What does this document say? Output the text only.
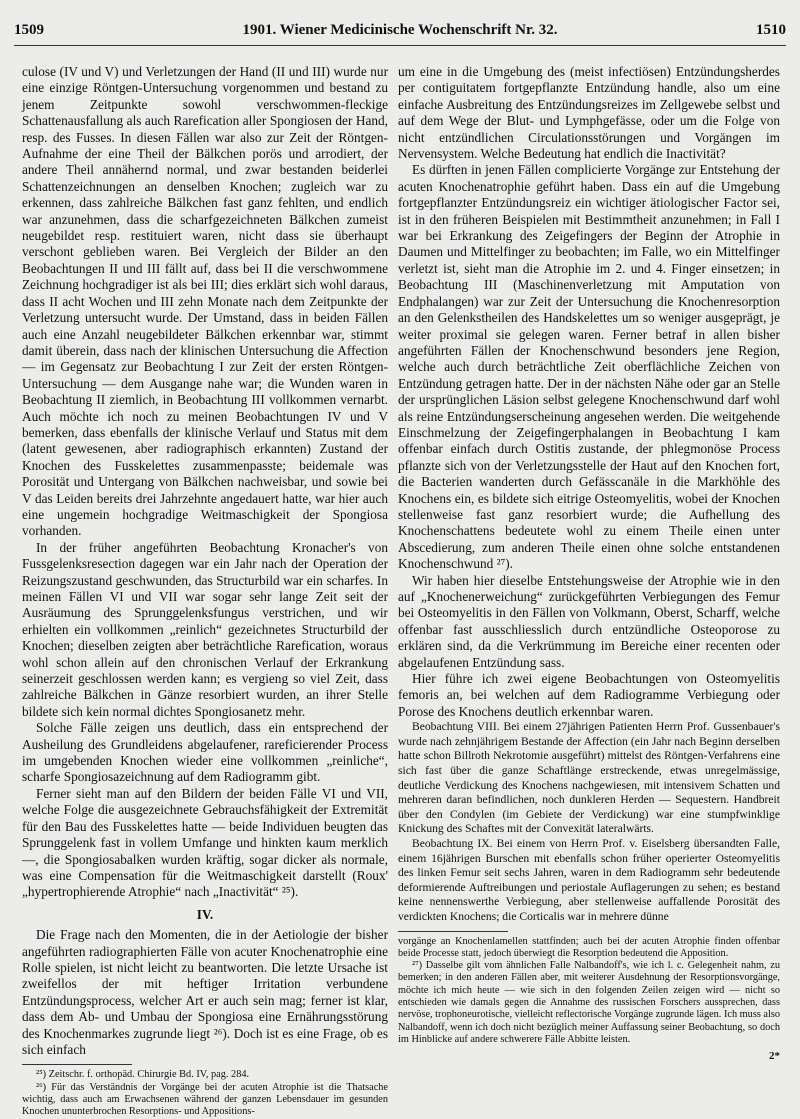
1509	1901. Wiener Medicinische Wochenschrift Nr. 32.	1510

culose (IV und V) und Verletzungen der Hand (II und III) wurde nur eine einzige Röntgen-Untersuchung vorgenommen und bestand zu jenem Zeitpunkte sowohl verschwommen-fleckige Schattenausfallung als auch Rarefication aller Spongiosen der Hand, resp. des Fusses. In diesen Fällen war also zur Zeit der Röntgen-Aufnahme der eine Theil der Bälkchen porös und arrodiert, der andere Theil annähernd normal, und zwar bestanden beiderlei Schattenzeichnungen an denselben Knochen; zugleich war zu erkennen, dass zahlreiche Bälkchen fast ganz fehlten, und endlich war anzunehmen, dass die scharfgezeichneten Bälkchen zumeist neugebildet resp. restituiert waren, nicht dass sie überhaupt verschont geblieben waren. Bei Vergleich der Bilder an den Beobachtungen II und III fällt auf, dass bei II die verschwommene Zeichnung hochgradiger ist als bei III; dies erklärt sich wohl daraus, dass II acht Wochen und III zehn Monate nach dem Zeitpunkte der Verletzung untersucht wurde. Der Umstand, dass in beiden Fällen auch eine Anzahl neugebildeter Bälkchen erkennbar war, stimmt damit überein, dass nach der klinischen Untersuchung die Affection — im Gegensatz zur Beobachtung I zur Zeit der ersten Röntgen-Untersuchung — dem Ausgange nahe war; die Wunden waren in Beobachtung II ziemlich, in Beobachtung III vollkommen vernarbt. Auch möchte ich noch zu meinen Beobachtungen IV und V bemerken, dass ebenfalls der klinische Verlauf und Status mit dem (latent gewesenen, aber radiographisch erkannten) Zustand der Knochen des Fusskelettes zusammenpasste; beidemale was Porosität und Untergang von Bälkchen nachweisbar, und sowie bei V das Leiden bereits drei Jahrzehnte angedauert hatte, war hier auch eine ungemein hochgradige Weitmaschigkeit der Spongiosa vorhanden.

In der früher angeführten Beobachtung Kronacher's von Fussgelenksresection dagegen war ein Jahr nach der Operation der Reizungszustand geschwunden, das Structurbild war ein scharfes. In meinen Fällen VI und VII war sogar sehr lange Zeit seit der Ausräumung des Sprunggelenksfungus verstrichen, und wir erhielten ein vollkommen „reinlich“ gezeichnetes Structurbild der Knochen; dieselben zeigten aber beträchtliche Rarefication, woraus wohl schon allein auf den chronischen Verlauf der Erkrankung seinerzeit geschlossen werden kann; es vergieng so viel Zeit, dass zahlreiche Bälkchen in Gänze resorbiert wurden, an ihrer Stelle bildete sich kein normal dichtes Spongiosanetz mehr.

Solche Fälle zeigen uns deutlich, dass ein entsprechend der Ausheilung des Grundleidens abgelaufener, rareficierender Process im umgebenden Knochen wieder eine vollkommen „reinliche“, scharfe Spongiosazeichnung auf dem Radiogramm gibt.

Ferner sieht man auf den Bildern der beiden Fälle VI und VII, welche Folge die ausgezeichnete Gebrauchsfähigkeit der Extremität für den Bau des Fusskelettes hatte — beide Individuen beugten das Sprunggelenk fast in vollem Umfange und hinkten kaum merklich —, die Spongiosabalken wurden kräftig, sogar dicker als normale, was eine Compensation für die Weitmaschigkeit darstellt (Roux' „hypertrophierende Atrophie“ nach „Inactivität“ ²⁵).

IV.

Die Frage nach den Momenten, die in der Aetiologie der bisher angeführten radiographierten Fälle von acuter Knochenatrophie eine Rolle spielen, ist nicht leicht zu beantworten. Die letzte Ursache ist zweifellos der mit heftiger Irritation verbundene Entzündungsprocess, welcher Art er auch sein mag; ferner ist klar, dass dem Ab- und Umbau der Spongiosa eine Ernährungsstörung des Knochenmarkes zugrunde liegt ²⁶). Doch ist es eine Frage, ob es sich einfach

²⁵) Zeitschr. f. orthopäd. Chirurgie Bd. IV, pag. 284.

²⁶) Für das Verständnis der Vorgänge bei der acuten Atrophie ist die Thatsache wichtig, dass auch am Erwachsenen während der ganzen Lebensdauer im gesunden Knochen ununterbrochen Resorptions- und Appositions-

um eine in die Umgebung des (meist infectiösen) Entzündungsherdes per contiguitatem fortgepflanzte Entzündung handle, also um eine einfache Ausbreitung des Entzündungsreizes im Zellgewebe selbst und auf dem Wege der Blut- und Lymphgefässe, oder um die Folge von nicht entzündlichen Circulationsstörungen und Vorgängen im Nervensystem. Welche Bedeutung hat endlich die Inactivität?

Es dürften in jenen Fällen complicierte Vorgänge zur Entstehung der acuten Knochenatrophie geführt haben. Dass ein auf die Umgebung fortgepflanzter Entzündungsreiz ein wichtiger ätiologischer Factor sei, ist in den früheren Beispielen mit Bestimmtheit anzunehmen; in Fall I war bei Erkrankung des Zeigefingers der Beginn der Atrophie in Daumen und Mittelfinger zu beobachten; im Falle, wo ein Mittelfinger verletzt ist, sieht man die Atrophie im 2. und 4. Finger einsetzen; in Beobachtung III (Maschinenverletzung mit Amputation von Endphalangen) war zur Zeit der Untersuchung die Knochenresorption an den Gelenkstheilen des Handskelettes um so weniger ausgeprägt, je weiter proximal sie gelegen waren. Ferner betraf in allen bisher angeführten Fällen der Knochenschwund besonders jene Region, welche auch durch beträchtliche Zeit oberflächliche Zeichen von Entzündung getragen hatte. Der in der nächsten Nähe oder gar an Stelle der ursprünglichen Läsion selbst gelegene Knochenschwund darf wohl als reine Entzündungserscheinung angesehen werden. Die weitgehende Einschmelzung der Zeigefingerphalangen in Beobachtung I kam offenbar einfach durch Ostitis zustande, der phlegmonöse Process pflanzte sich von der Verletzungsstelle der Haut auf den Knochen fort, die Bacterien wanderten durch Gefässcanäle in die Markhöhle des Knochens ein, es bildete sich eitrige Osteomyelitis, wobei der Knochen stellenweise fast ganz resorbiert wurde; die Aufhellung des Knochenschattens bedeutete wohl zu einem Theile einen unter Abscedierung, zum anderen Theile einen ohne solche entstandenen Knochenschwund ²⁷).

Wir haben hier dieselbe Entstehungsweise der Atrophie wie in den auf „Knochenerweichung“ zurückgeführten Verbiegungen des Femur bei Osteomyelitis in den Fällen von Volkmann, Oberst, Scharff, welche offenbar fast ausschliesslich durch entzündliche Osteoporose zu erklären sind, da die Verkrümmung im Bereiche einer recenten oder abgelaufenen Entzündung sass.

Hier führe ich zwei eigene Beobachtungen von Osteomyelitis femoris an, bei welchen auf dem Radiogramme Verbiegung oder Porose des Knochens deutlich erkennbar waren.

Beobachtung VIII. Bei einem 27jährigen Patienten Herrn Prof. Gussenbauer's wurde nach zehnjährigem Bestande der Affection (ein Jahr nach Beginn derselben hatte schon Billroth Nekrotomie ausgeführt) mittelst des Röntgen-Verfahrens eine sich fast über die ganze Schaftlänge erstreckende, etwas unregelmässige, deutliche Verdickung des Knochens nachgewiesen, mit intensivem Schatten und mehreren daran befindlichen, noch dunkleren Herden — Sequestern. Handbreit über den Condylen (im Gebiete der Verdickung) war eine stumpfwinklige Knickung des Schaftes mit der Convexität lateralwärts.

Beobachtung IX. Bei einem von Herrn Prof. v. Eiselsberg übersandten Falle, einem 16jährigen Burschen mit ebenfalls schon früher operierter Osteomyelitis des linken Femur seit sechs Jahren, waren in dem Radiogramm sehr bedeutende deformierende Auftreibungen und periostale Auflagerungen zu sehen; es bestand keine nennenswerthe Verbiegung, aber stellenweise auffallende Porosität des verdickten Knochens; die Corticalis war in mehrere dünne

vorgänge an Knochenlamellen stattfinden; auch bei der acuten Atrophie finden offenbar beide Processe statt, jedoch überwiegt die Resorption bedeutend die Apposition.

²⁷) Dasselbe gilt vom ähnlichen Falle Nalbandoff's, wie ich l. c. Gelegenheit nahm, zu bemerken; in den anderen Fällen aber, mit weiterer Ausdehnung der Resorptionsvorgänge, möchte ich mich heute — wie sich in den folgenden Zeilen zeigen wird — nicht so entschieden wie damals gegen die Annahme des russischen Forschers aussprechen, dass nervöse, trophoneurotische, vielleicht reflectorische Vorgänge zugrunde lägen. Ich muss also Nalbandoff, wenn ich doch nicht bezüglich meiner Auffassung seiner Beobachtung, so doch im Hinblicke auf andere schwerere Fälle Abbitte leisten.

2*
